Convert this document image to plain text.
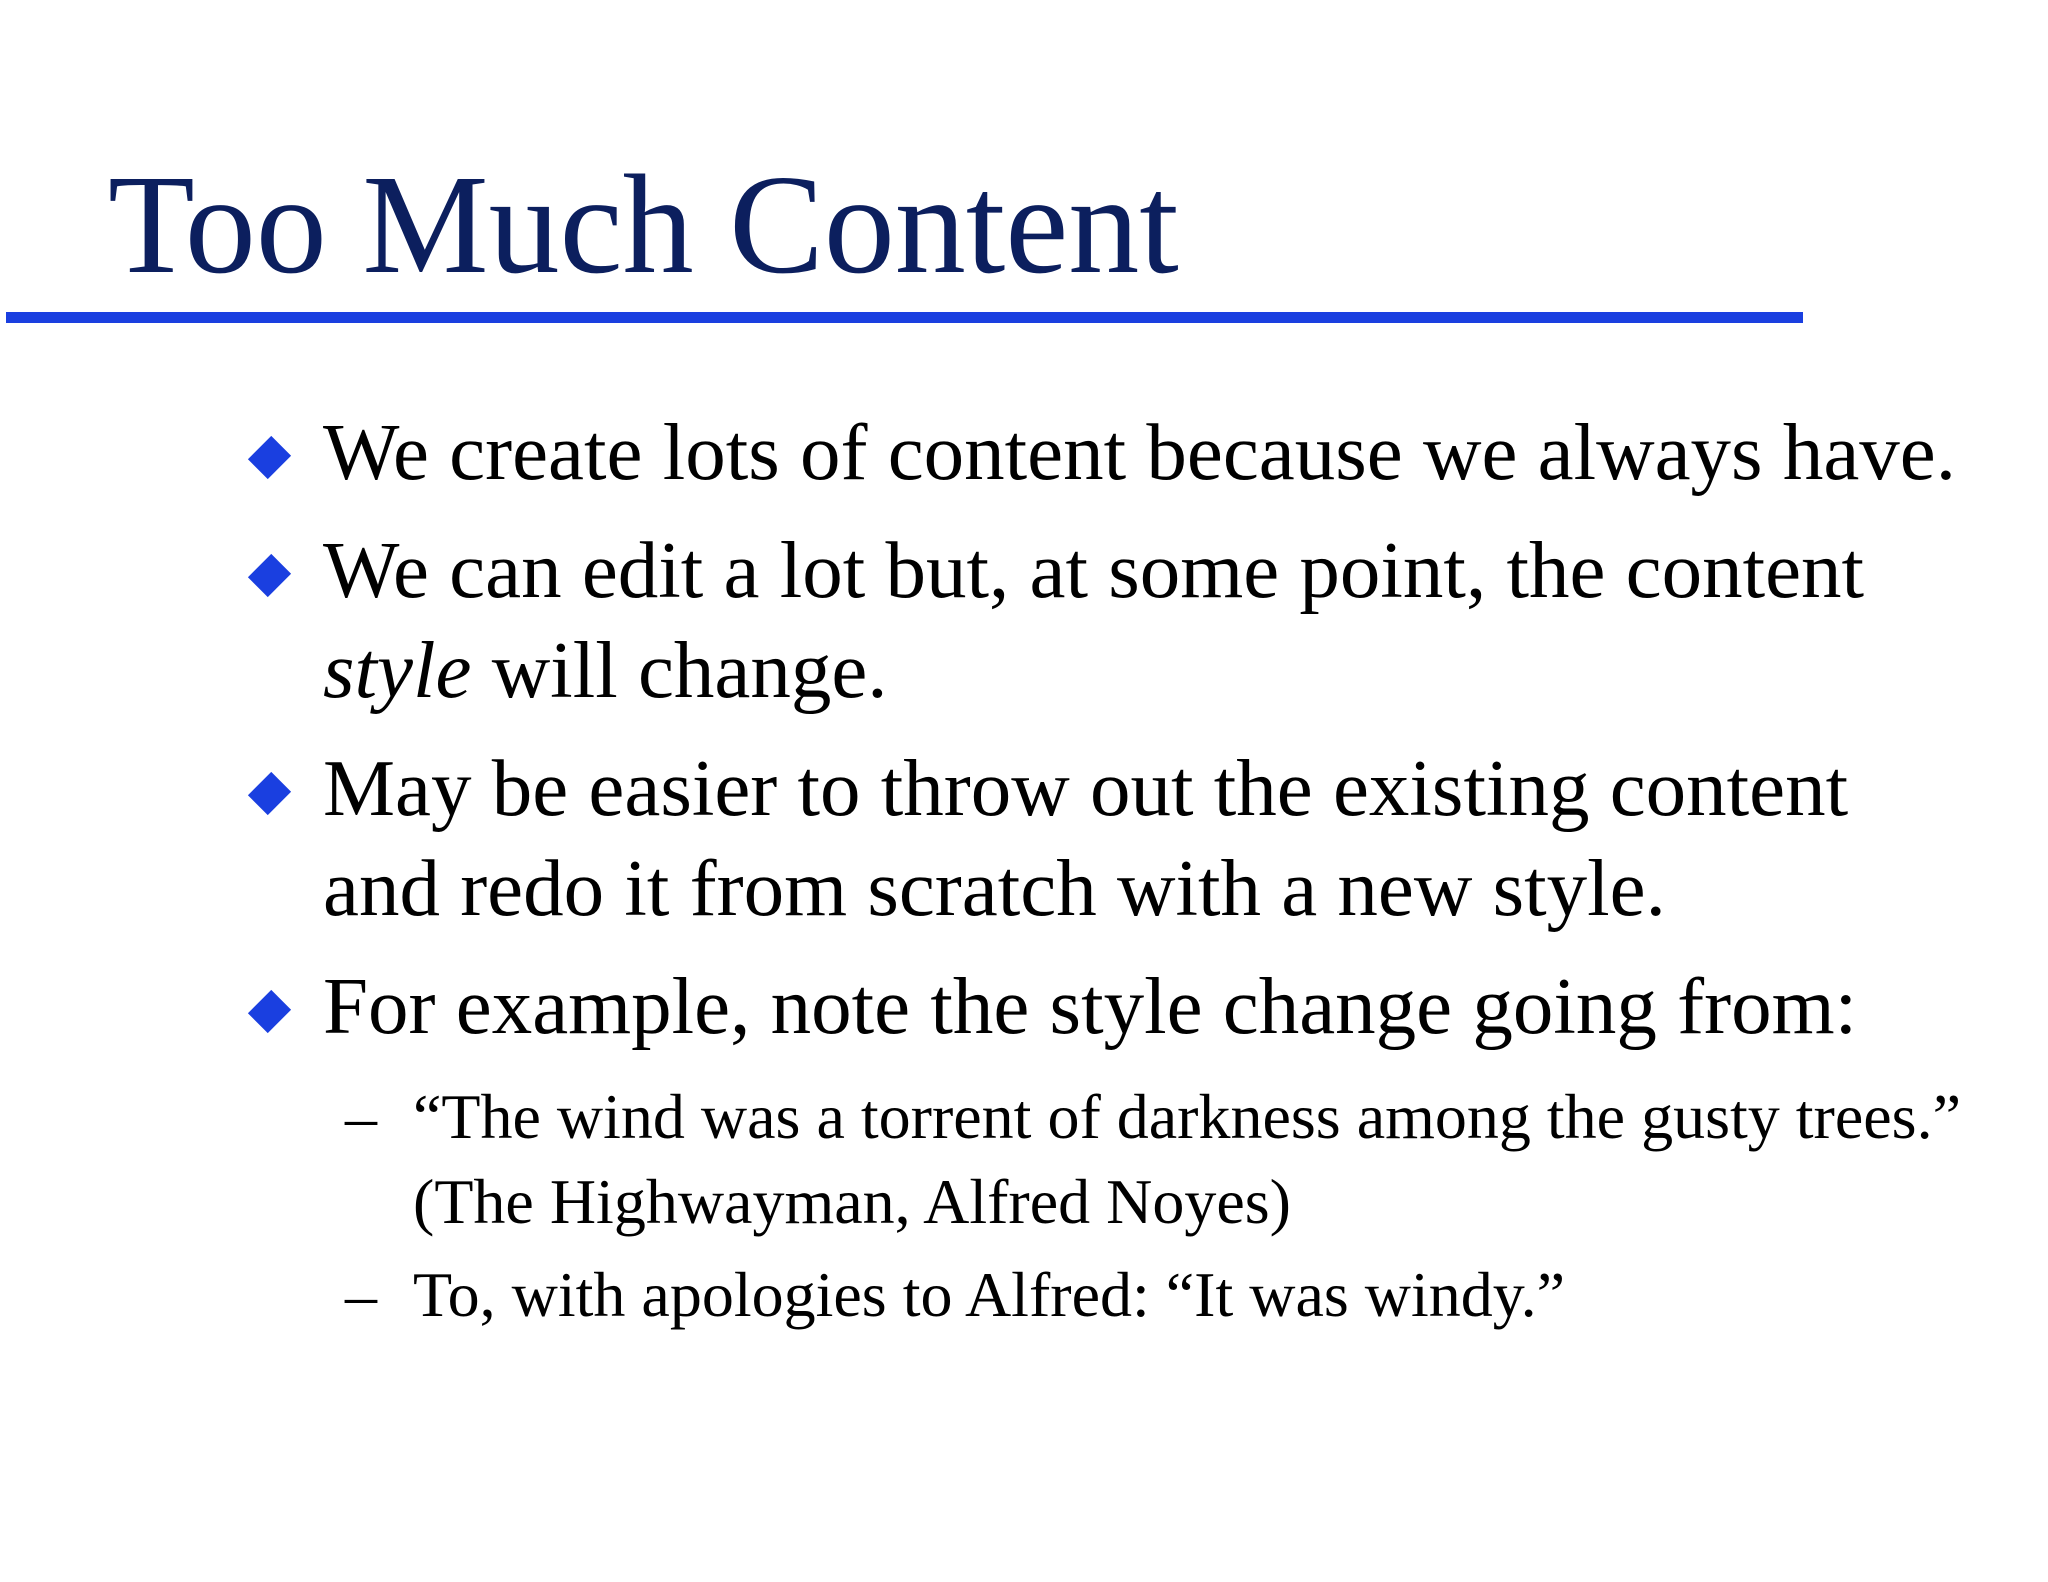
Too Much Content
We create lots of content because we always have.
We can edit a lot but, at some point, the content style will change.
May be easier to throw out the existing content and redo it from scratch with a new style.
For example, note the style change going from:
– “The wind was a torrent of darkness among the gusty trees.” (The Highwayman, Alfred Noyes)
– To, with apologies to Alfred: “It was windy.”
